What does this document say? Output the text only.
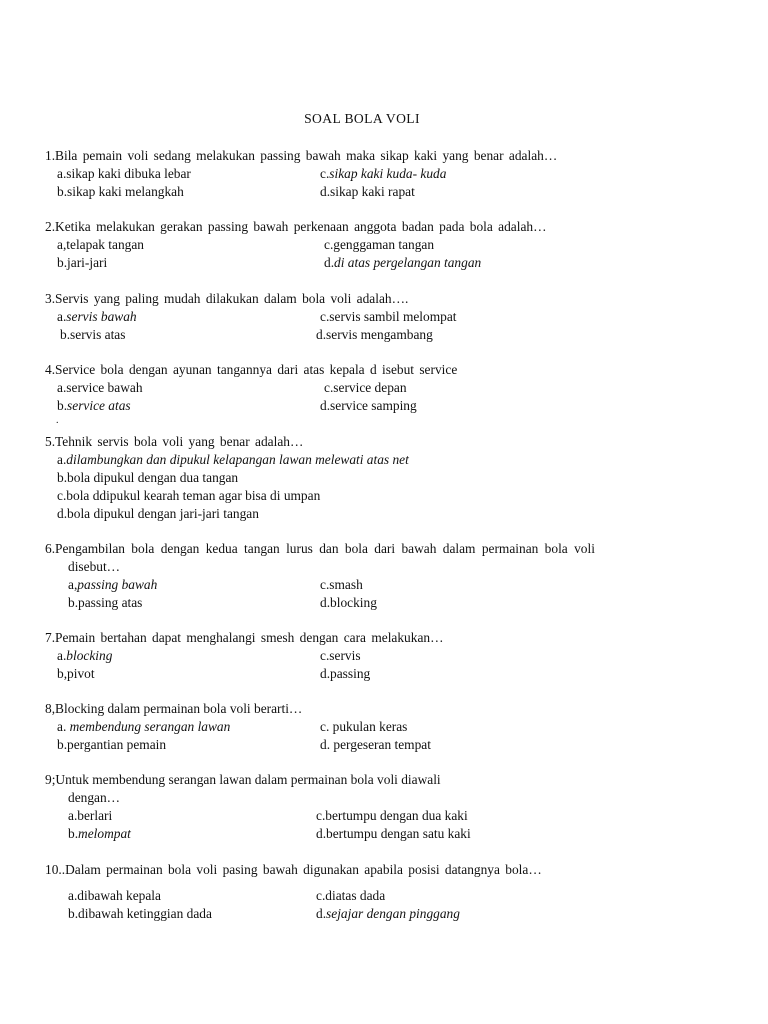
SOAL BOLA VOLI
1.Bila pemain voli sedang melakukan passing bawah maka sikap kaki yang benar adalah…
a.sikap kaki dibuka lebar	c.sikap kaki kuda- kuda
b.sikap kaki melangkah	d.sikap kaki rapat
2.Ketika melakukan gerakan passing bawah perkenaan anggota badan pada bola adalah…
a,telapak tangan	c.genggaman tangan
b.jari-jari	d.di atas pergelangan tangan
3.Servis yang paling mudah dilakukan dalam bola voli adalah….
a.servis bawah	c.servis sambil melompat
b.servis atas	d.servis mengambang
4.Service bola dengan ayunan tangannya dari atas kepala d isebut service
a.service bawah	c.service depan
b.service atas	d.service samping
.
5.Tehnik servis bola voli yang benar adalah…
a.dilambungkan dan dipukul kelapangan lawan melewati atas net
b.bola dipukul dengan dua tangan
c.bola ddipukul kearah teman agar bisa di umpan
d.bola dipukul dengan jari-jari tangan
6.Pengambilan bola dengan kedua tangan lurus dan bola dari bawah dalam permainan bola voli
disebut…
a,passing bawah	c.smash
b.passing atas	d.blocking
7.Pemain bertahan dapat menghalangi smesh dengan cara melakukan…
a.blocking	c.servis
b,pivot	d.passing
8,Blocking dalam permainan bola voli berarti…
a. membendung serangan lawan	c. pukulan keras
b.pergantian pemain	d. pergeseran tempat
9;Untuk membendung serangan lawan dalam permainan bola voli diawali
dengan…
a.berlari	c.bertumpu dengan dua kaki
b.melompat	d.bertumpu dengan satu kaki
10..Dalam permainan bola voli pasing bawah digunakan apabila posisi datangnya bola…
a.dibawah kepala	c.diatas dada
b.dibawah ketinggian dada	d.sejajar dengan pinggang
